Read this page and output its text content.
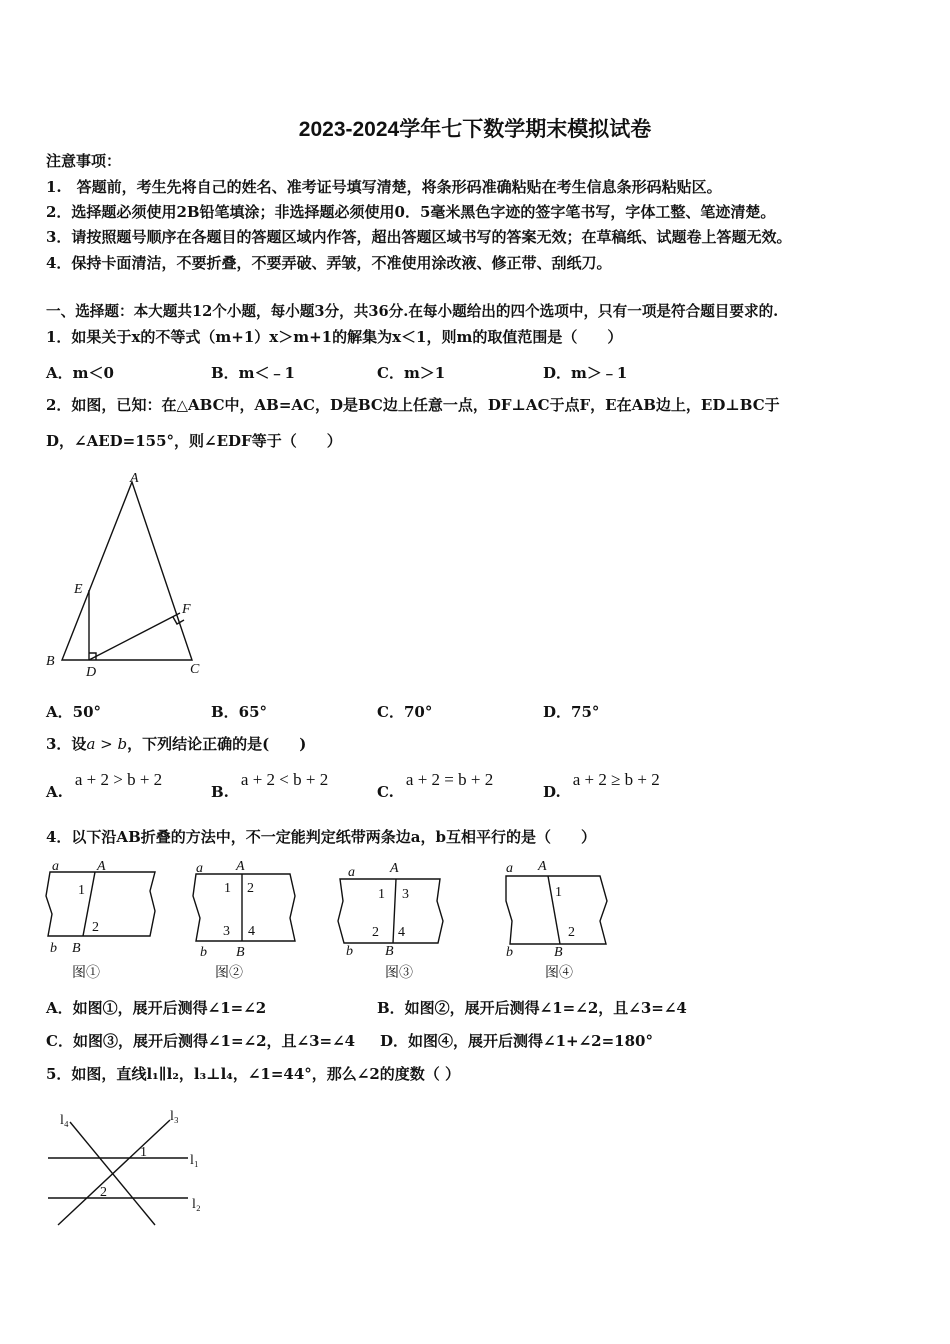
2023-2024学年七下数学期末模拟试卷
注意事项：
1.　答题前，考生先将自己的姓名、准考证号填写清楚，将条形码准确粘贴在考生信息条形码粘贴区。
2．选择题必须使用2B铅笔填涂；非选择题必须使用0．5毫米黑色字迹的签字笔书写，字体工整、笔迹清楚。
3．请按照题号顺序在各题目的答题区域内作答，超出答题区域书写的答案无效；在草稿纸、试题卷上答题无效。
4．保持卡面清洁，不要折叠，不要弄破、弄皱，不准使用涂改液、修正带、刮纸刀。
一、选择题：本大题共12个小题，每小题3分，共36分.在每小题给出的四个选项中，只有一项是符合题目要求的.
1．如果关于x的不等式（m+1）x＞m+1的解集为x＜1，则m的取值范围是（　　）
A．m＜0	B．m＜﹣1	C．m＞1	D．m＞﹣1
2．如图，已知：在△ABC中，AB=AC，D是BC边上任意一点，DF⊥AC于点F，E在AB边上，ED⊥BC于
D，∠AED=155°，则∠EDF等于（　　）
A
B
C
D
E
F
A．50°	B．65°	C．70°	D．75°
3．设a > b，下列结论正确的是(　　)
A.a + 2 > b + 2
B.a + 2 < b + 2
C.a + 2 = b + 2
D.a + 2 ≥ b + 2
4．以下沿AB折叠的方法中，不一定能判定纸带两条边a，b互相平行的是（　　）
a	A
1
2
b B
图①
a A
1 2
3 4
b B
图②
a	A
1 3
2 4
b B
图③
a A
1
2
b	B
图④
A．如图①，展开后测得∠1=∠2	B．如图②，展开后测得∠1=∠2，且∠3=∠4
C．如图③，展开后测得∠1=∠2，且∠3=∠4 D．如图④，展开后测得∠1+∠2=180°
5．如图，直线l₁∥l₂，l₃⊥l₄，∠1=44°，那么∠2的度数（ ）
l₄	l₃
l₁
l₂
1
2
